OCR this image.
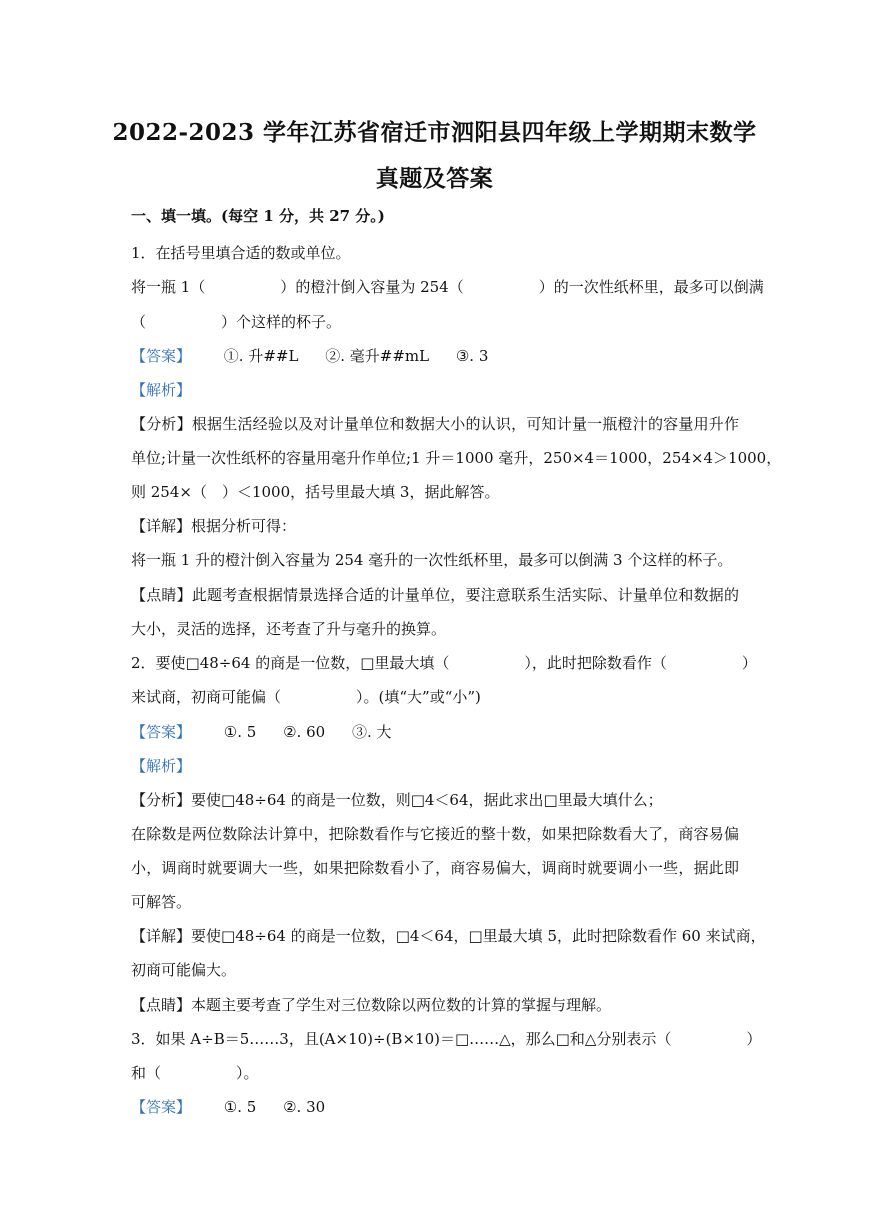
2022-2023 学年江苏省宿迁市泗阳县四年级上学期期末数学
真题及答案
一、填一填。(每空 1 分，共 27 分。)
1．在括号里填合适的数或单位。
将一瓶 1（　　　　　）的橙汁倒入容量为 254（　　　　　）的一次性纸杯里，最多可以倒满
（　　　　　）个这样的杯子。
【答案】 ①. 升##L ②. 毫升##mL ③. 3
【解析】
【分析】根据生活经验以及对计量单位和数据大小的认识，可知计量一瓶橙汁的容量用升作
单位;计量一次性纸杯的容量用毫升作单位;1 升＝1000 毫升，250×4＝1000，254×4＞1000，
则 254×（　）＜1000，括号里最大填 3，据此解答。
【详解】根据分析可得：
将一瓶 1 升的橙汁倒入容量为 254 毫升的一次性纸杯里，最多可以倒满 3 个这样的杯子。
【点睛】此题考查根据情景选择合适的计量单位，要注意联系生活实际、计量单位和数据的
大小，灵活的选择，还考查了升与毫升的换算。
2．要使□48÷64 的商是一位数，□里最大填（　　　　　），此时把除数看作（　　　　　）
来试商，初商可能偏（　　　　　）。(填“大”或“小”)
【答案】 ①. 5 ②. 60 ③. 大
【解析】
【分析】要使□48÷64 的商是一位数，则□4＜64，据此求出□里最大填什么；
在除数是两位数除法计算中，把除数看作与它接近的整十数，如果把除数看大了，商容易偏
小，调商时就要调大一些，如果把除数看小了，商容易偏大，调商时就要调小一些，据此即
可解答。
【详解】要使□48÷64 的商是一位数，□4＜64，□里最大填 5，此时把除数看作 60 来试商，
初商可能偏大。
【点睛】本题主要考查了学生对三位数除以两位数的计算的掌握与理解。
3．如果 A÷B＝5……3，且(A×10)÷(B×10)＝□……△，那么□和△分别表示（　　　　　）
和（　　　　　）。
【答案】 ①. 5 ②. 30
